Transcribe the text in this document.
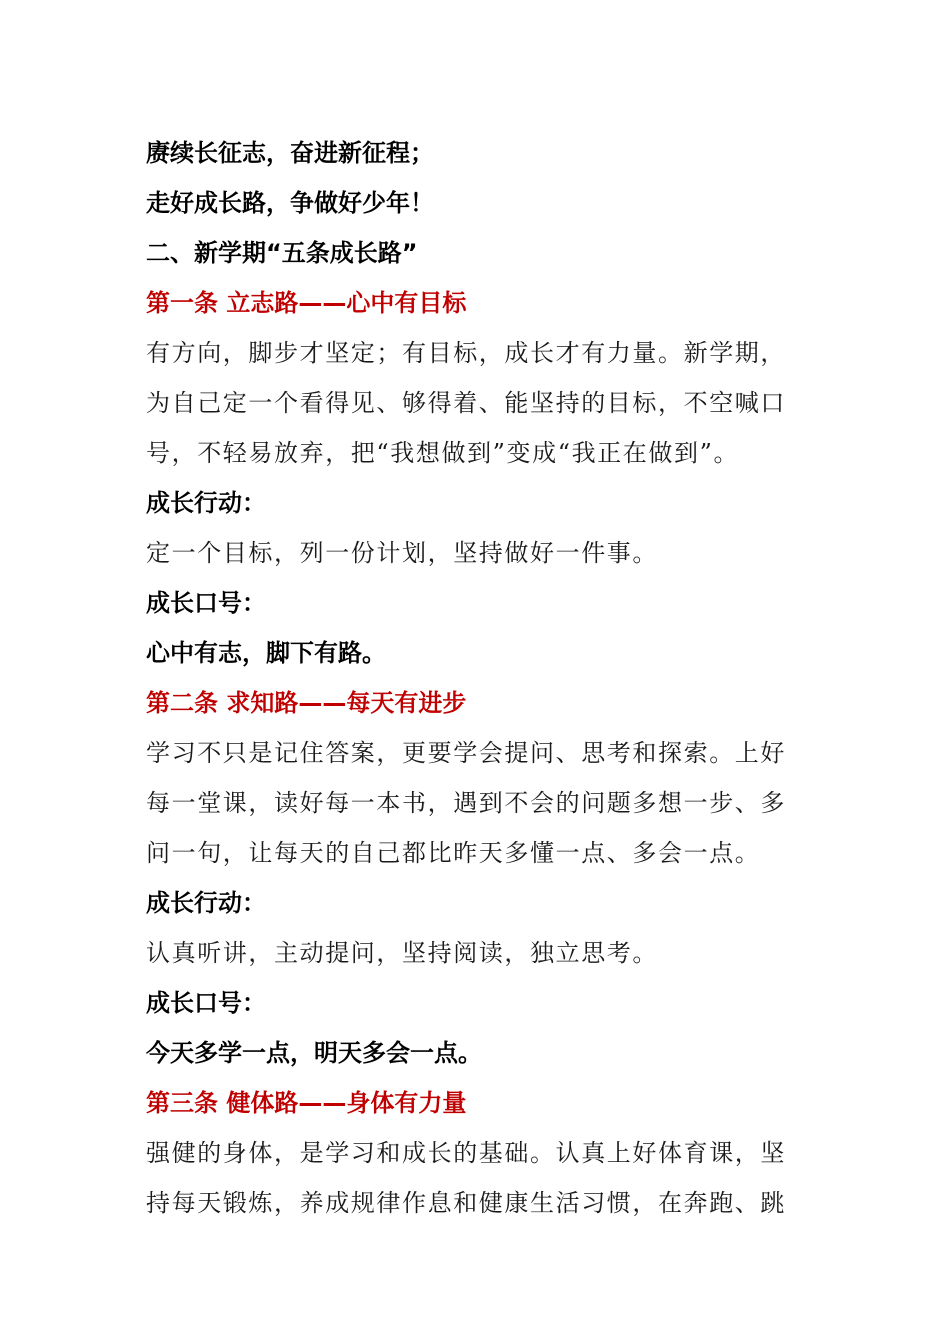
赓续长征志，奋进新征程；
走好成长路，争做好少年！
二、新学期“五条成长路”
第一条 立志路——心中有目标
有方向，脚步才坚定；有目标，成长才有力量。新学期，
为自己定一个看得见、够得着、能坚持的目标，不空喊口
号，不轻易放弃，把“我想做到”变成“我正在做到”。
成长行动：
定一个目标，列一份计划，坚持做好一件事。
成长口号：
心中有志，脚下有路。
第二条 求知路——每天有进步
学习不只是记住答案，更要学会提问、思考和探索。上好
每一堂课，读好每一本书，遇到不会的问题多想一步、多
问一句，让每天的自己都比昨天多懂一点、多会一点。
成长行动：
认真听讲，主动提问，坚持阅读，独立思考。
成长口号：
今天多学一点，明天多会一点。
第三条 健体路——身体有力量
强健的身体，是学习和成长的基础。认真上好体育课，坚
持每天锻炼，养成规律作息和健康生活习惯，在奔跑、跳
